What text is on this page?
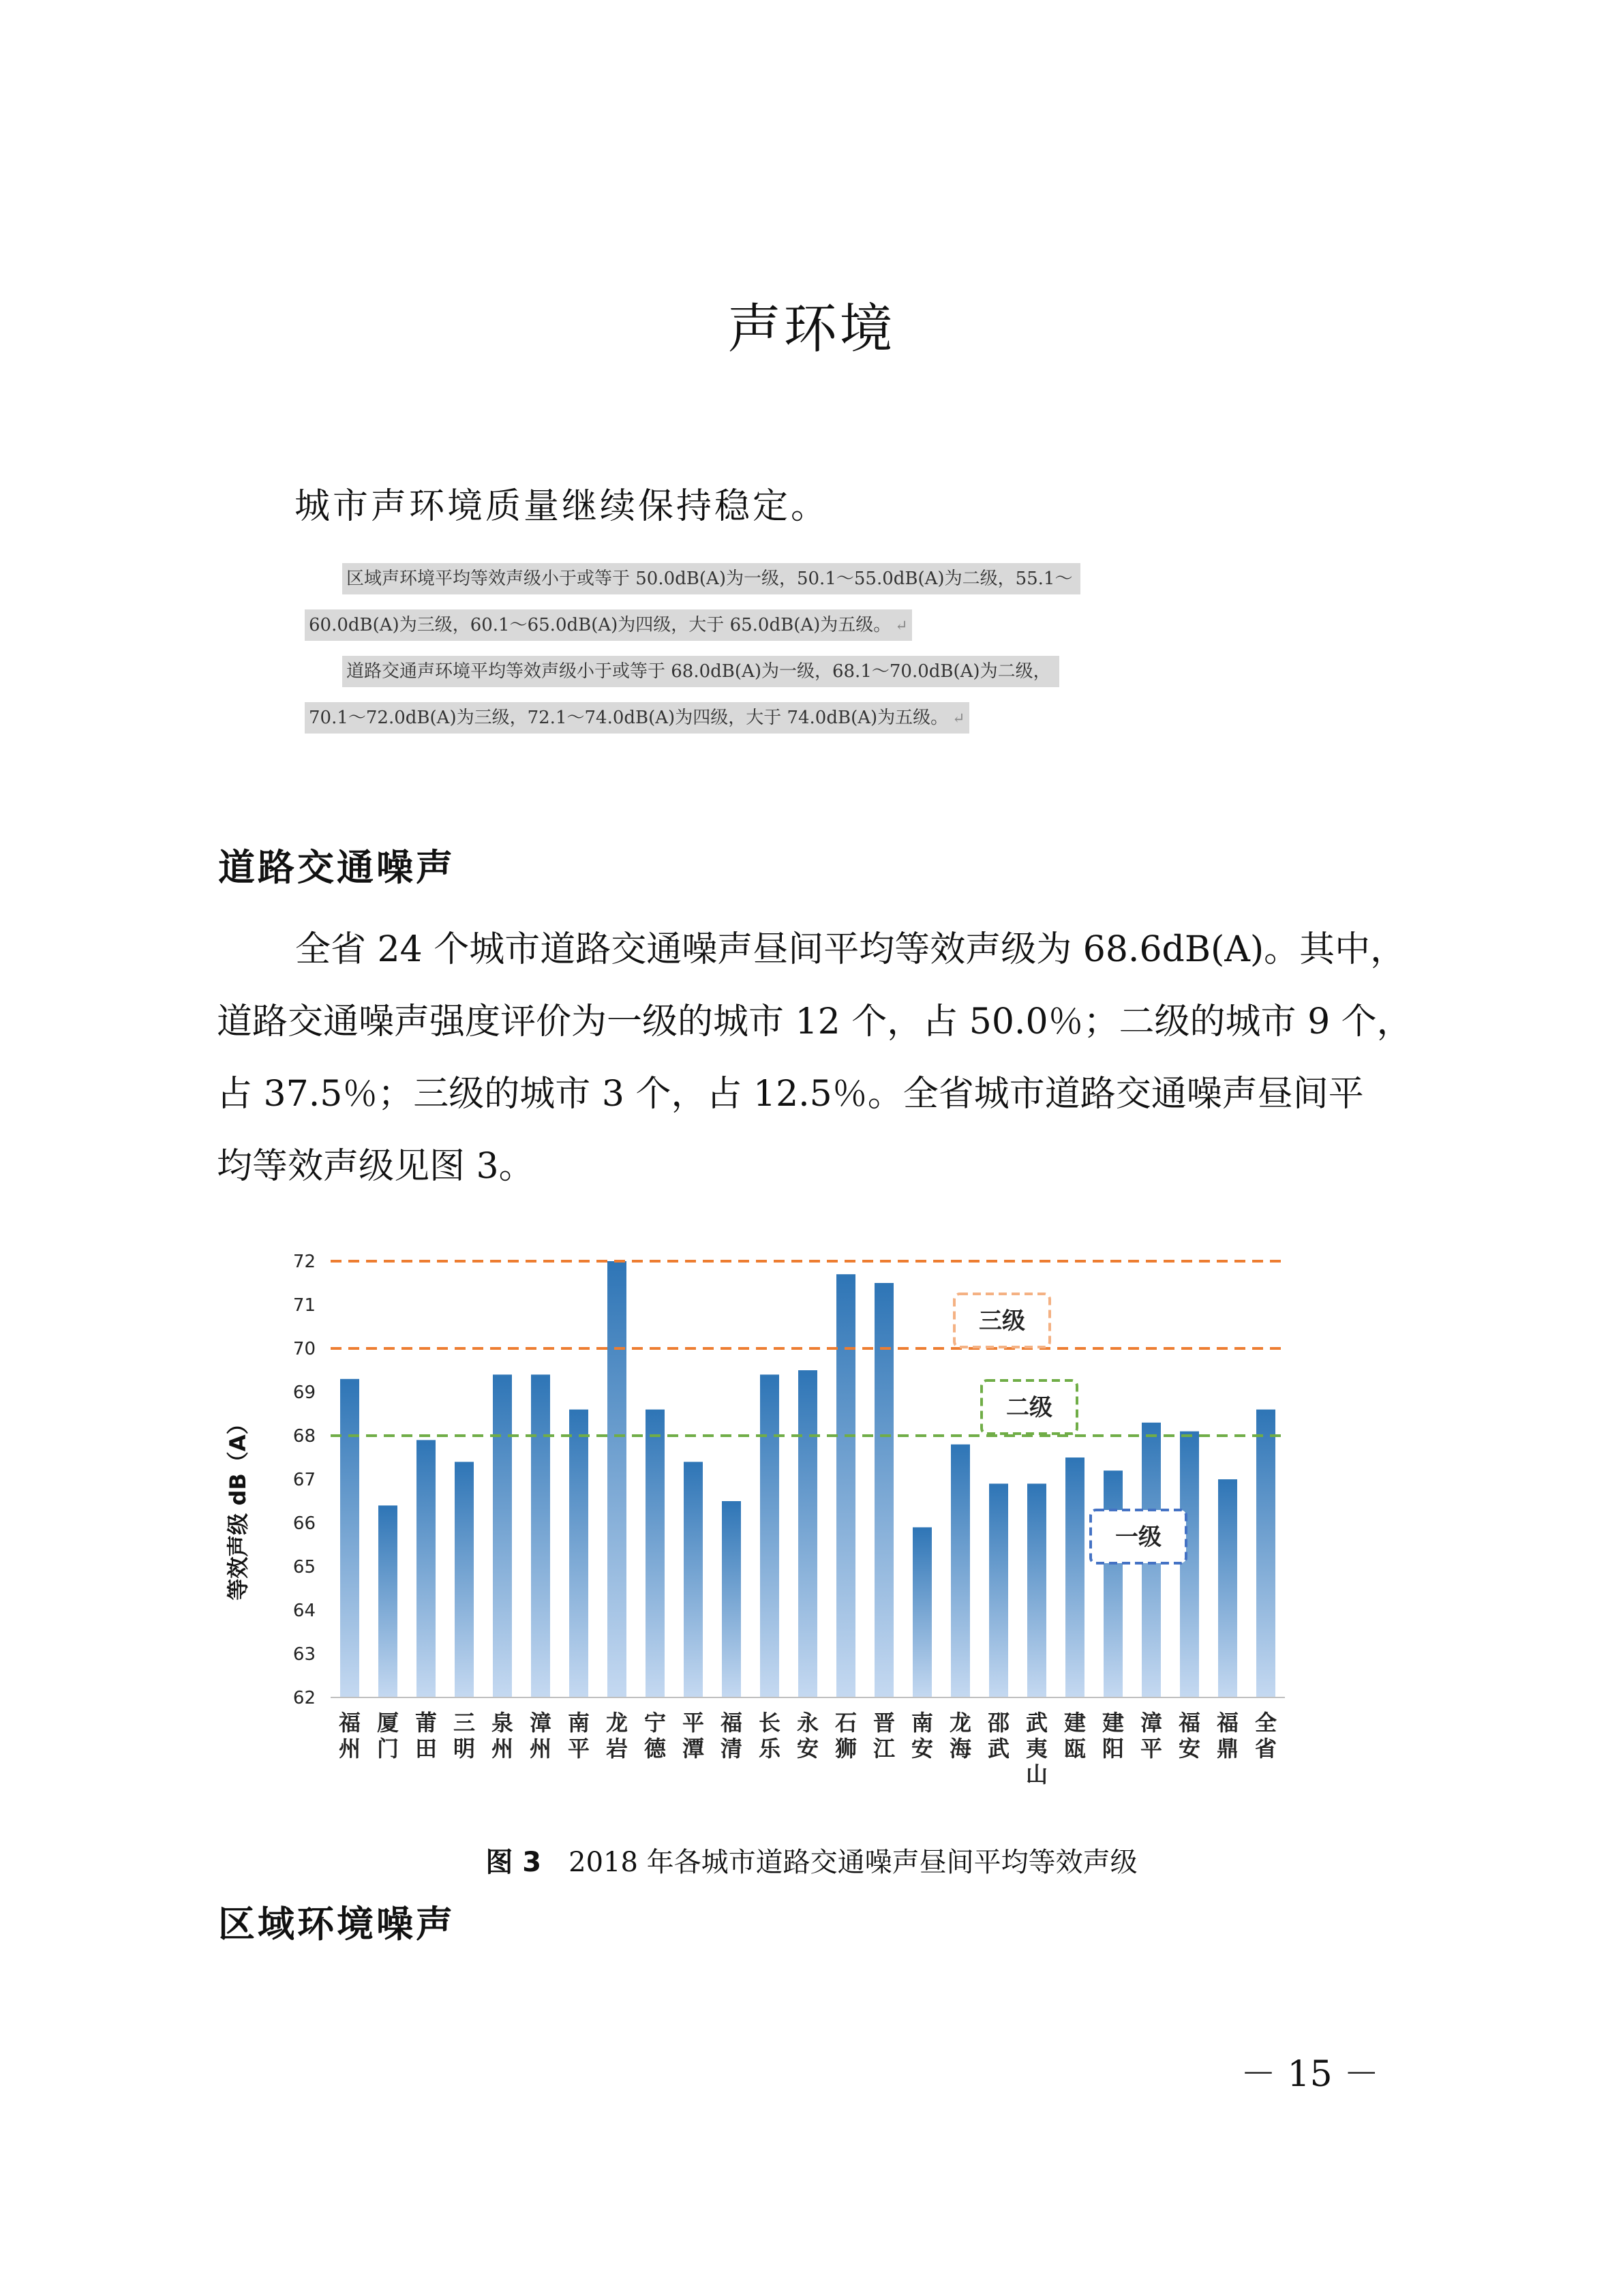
声环境
城市声环境质量继续保持稳定。
区域声环境平均等效声级小于或等于 50.0dB(A)为一级，50.1～55.0dB(A)为二级，55.1～
60.0dB(A)为三级，60.1～65.0dB(A)为四级，大于 65.0dB(A)为五级。 ↵
道路交通声环境平均等效声级小于或等于 68.0dB(A)为一级，68.1～70.0dB(A)为二级，
70.1～72.0dB(A)为三级，72.1～74.0dB(A)为四级，大于 74.0dB(A)为五级。 ↵
道路交通噪声
全省 24 个城市道路交通噪声昼间平均等效声级为 68.6dB(A)。其中，
道路交通噪声强度评价为一级的城市 12 个，占 50.0％；二级的城市 9 个，
占 37.5％；三级的城市 3 个，占 12.5％。全省城市道路交通噪声昼间平
均等效声级见图 3。
62
63
64
65
66
67
68
69
70
71
72
福州
厦门
莆田
三明
泉州
漳州
南平
龙岩
宁德
平潭
福清
长乐
永安
石狮
晋江
南安
龙海
邵武
武夷山
建瓯
建阳
漳平
福安
福鼎
全省
三级
二级
一级
等效声级 dB（A）
图 3　 2018 年各城市道路交通噪声昼间平均等效声级
区域环境噪声
－ 15 －
